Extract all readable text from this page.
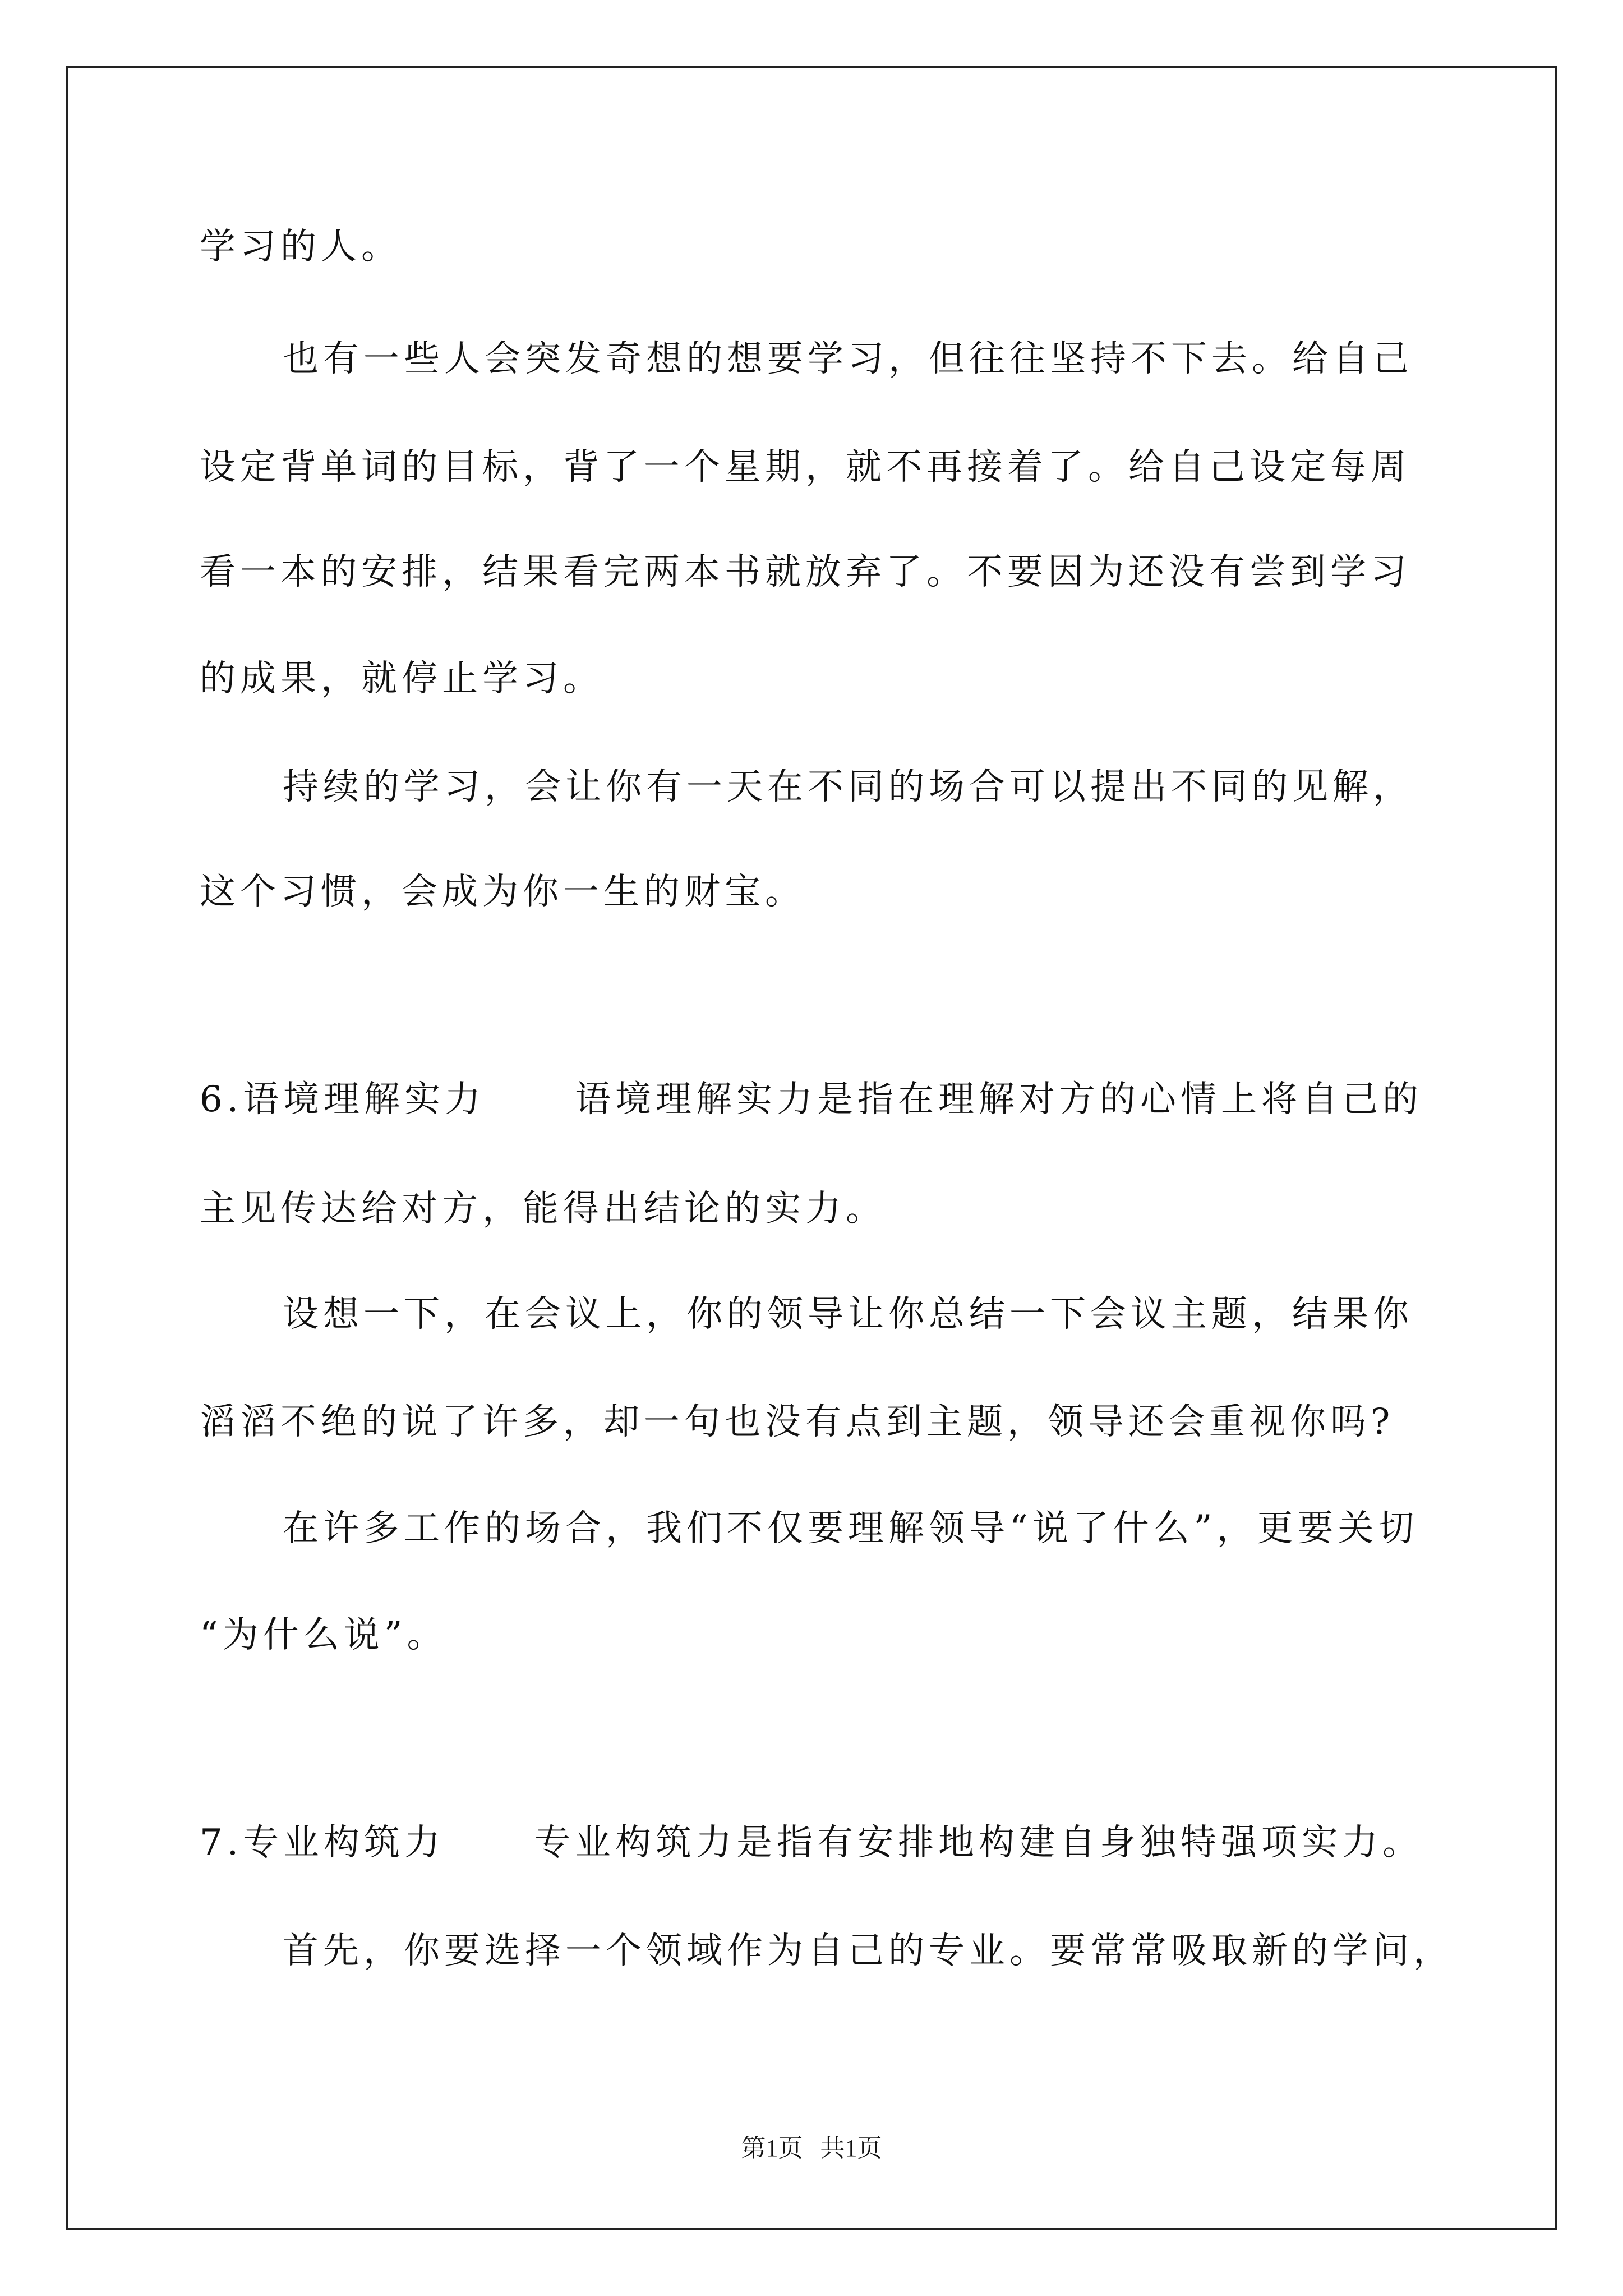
学习的人。
也有一些人会突发奇想的想要学习，但往往坚持不下去。给自己
设定背单词的目标，背了一个星期，就不再接着了。给自己设定每周
看一本的安排，结果看完两本书就放弃了。不要因为还没有尝到学习
的成果，就停止学习。
持续的学习，会让你有一天在不同的场合可以提出不同的见解，
这个习惯，会成为你一生的财宝。
6.语境理解实力	语境理解实力是指在理解对方的心情上将自己的
主见传达给对方，能得出结论的实力。
设想一下，在会议上，你的领导让你总结一下会议主题，结果你
滔滔不绝的说了许多，却一句也没有点到主题，领导还会重视你吗?
在许多工作的场合，我们不仅要理解领导“说了什么”，更要关切
“为什么说”。
7.专业构筑力	专业构筑力是指有安排地构建自身独特强项实力。
首先，你要选择一个领域作为自己的专业。要常常吸取新的学问，
第1页 共1页
